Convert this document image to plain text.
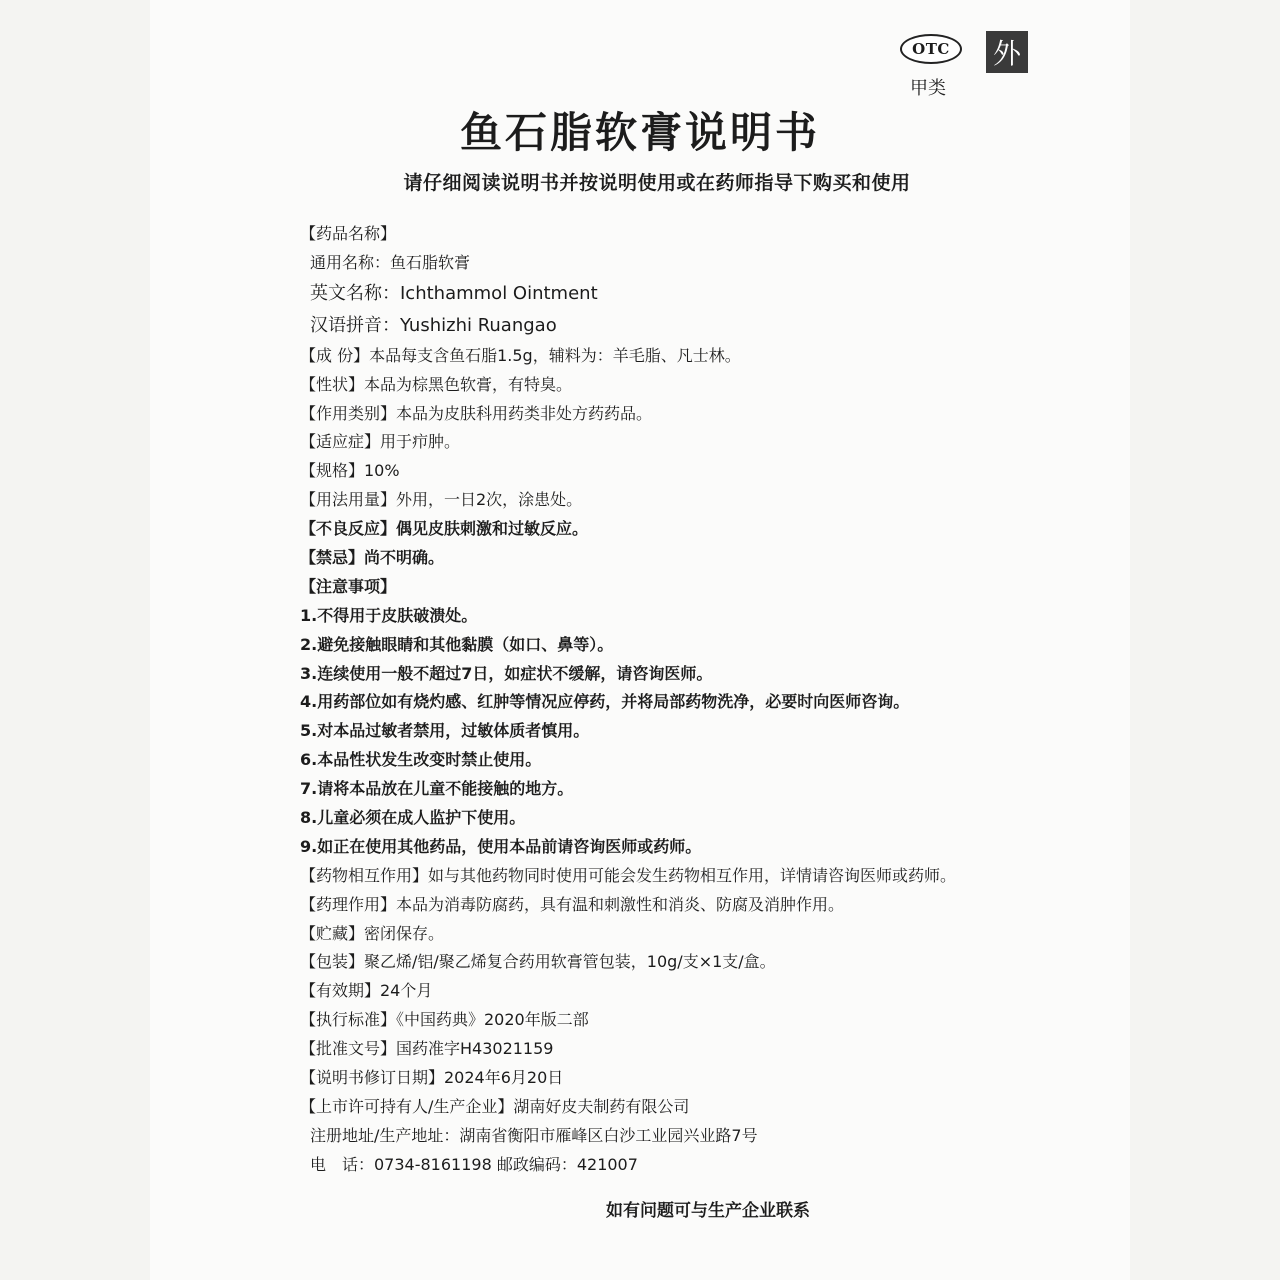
OTC
甲类
外
鱼石脂软膏说明书
请仔细阅读说明书并按说明使用或在药师指导下购买和使用
【药品名称】
通用名称：鱼石脂软膏
英文名称：Ichthammol Ointment
汉语拼音：Yushizhi Ruangao
【成 份】本品每支含鱼石脂1.5g，辅料为：羊毛脂、凡士林。
【性状】本品为棕黑色软膏，有特臭。
【作用类别】本品为皮肤科用药类非处方药药品。
【适应症】用于疖肿。
【规格】10%
【用法用量】外用，一日2次，涂患处。
【不良反应】偶见皮肤刺激和过敏反应。
【禁忌】尚不明确。
【注意事项】
1.不得用于皮肤破溃处。
2.避免接触眼睛和其他黏膜（如口、鼻等）。
3.连续使用一般不超过7日，如症状不缓解，请咨询医师。
4.用药部位如有烧灼感、红肿等情况应停药，并将局部药物洗净，必要时向医师咨询。
5.对本品过敏者禁用，过敏体质者慎用。
6.本品性状发生改变时禁止使用。
7.请将本品放在儿童不能接触的地方。
8.儿童必须在成人监护下使用。
9.如正在使用其他药品，使用本品前请咨询医师或药师。
【药物相互作用】如与其他药物同时使用可能会发生药物相互作用，详情请咨询医师或药师。
【药理作用】本品为消毒防腐药，具有温和刺激性和消炎、防腐及消肿作用。
【贮藏】密闭保存。
【包装】聚乙烯/铝/聚乙烯复合药用软膏管包装，10g/支×1支/盒。
【有效期】24个月
【执行标准】《中国药典》2020年版二部
【批准文号】国药准字H43021159
【说明书修订日期】2024年6月20日
【上市许可持有人/生产企业】湖南好皮夫制药有限公司
注册地址/生产地址：湖南省衡阳市雁峰区白沙工业园兴业路7号
电　话：0734-8161198 邮政编码：421007
如有问题可与生产企业联系
